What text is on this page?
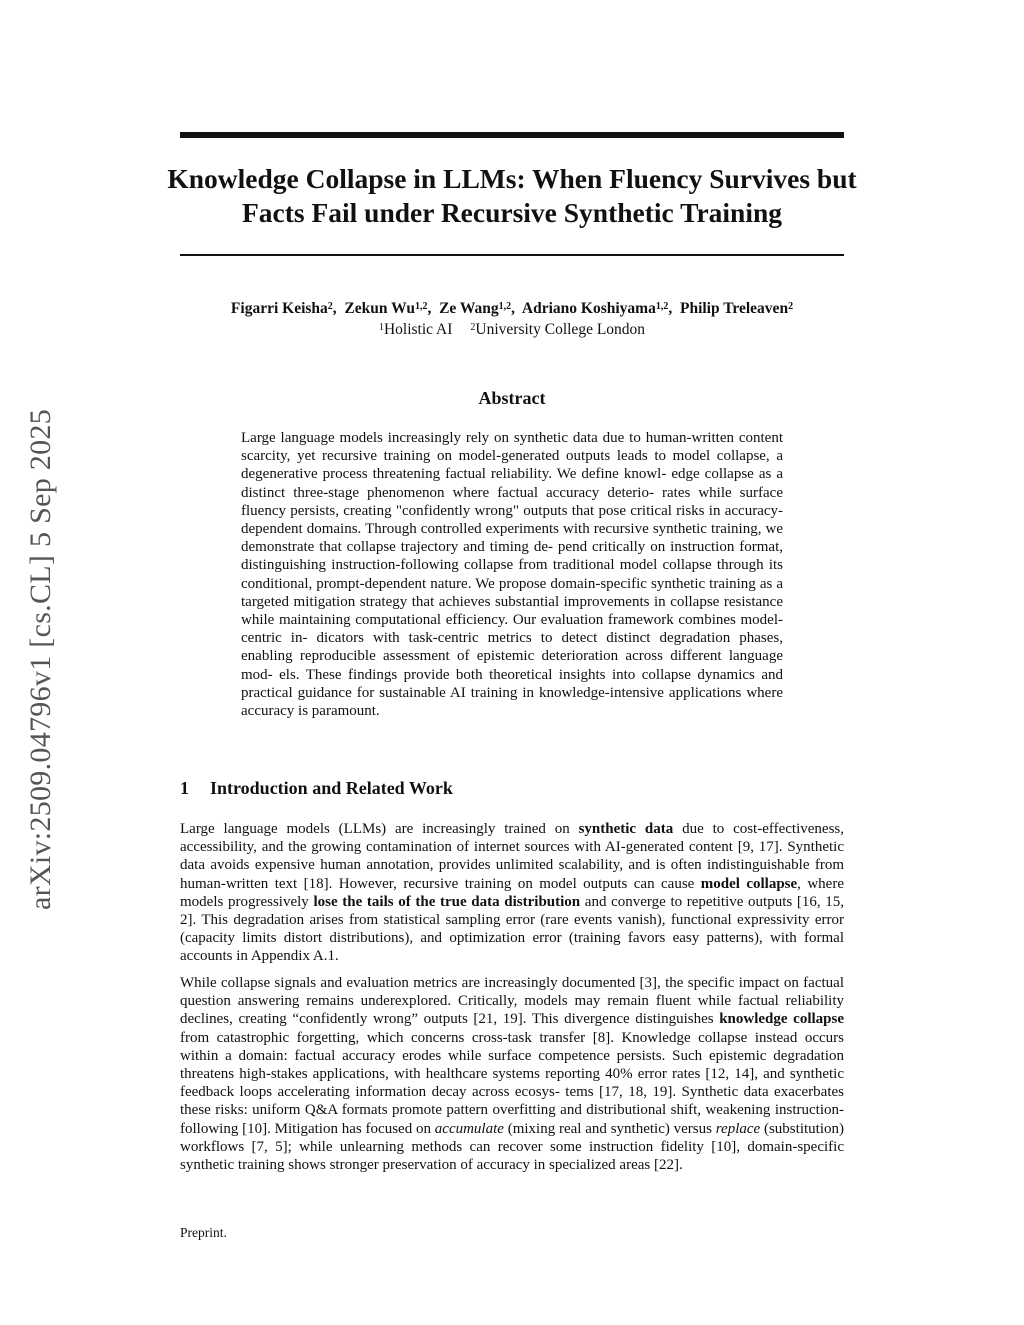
arXiv:2509.04796v1 [cs.CL] 5 Sep 2025
Knowledge Collapse in LLMs: When Fluency Survives but Facts Fail under Recursive Synthetic Training
Figarri Keisha$^2$,  Zekun Wu$^{1,2}$,  Ze Wang$^{1,2}$,  Adriano Koshiyama$^{1,2}$,  Philip Treleaven$^2$
$^1$Holistic AI $^2$University College London
Abstract

Large language models increasingly rely on synthetic data due to human-written content scarcity, yet recursive training on model-generated outputs leads to model collapse, a degenerative process threatening factual reliability. We define knowl- edge collapse as a distinct three-stage phenomenon where factual accuracy deterio- rates while surface fluency persists, creating "confidently wrong" outputs that pose critical risks in accuracy-dependent domains. Through controlled experiments with recursive synthetic training, we demonstrate that collapse trajectory and timing de- pend critically on instruction format, distinguishing instruction-following collapse from traditional model collapse through its conditional, prompt-dependent nature. We propose domain-specific synthetic training as a targeted mitigation strategy that achieves substantial improvements in collapse resistance while maintaining computational efficiency. Our evaluation framework combines model-centric in- dicators with task-centric metrics to detect distinct degradation phases, enabling reproducible assessment of epistemic deterioration across different language mod- els. These findings provide both theoretical insights into collapse dynamics and practical guidance for sustainable AI training in knowledge-intensive applications where accuracy is paramount.

1 Introduction and Related Work

Large language models (LLMs) are increasingly trained on synthetic data due to cost-effectiveness, accessibility, and the growing contamination of internet sources with AI-generated content [9, 17]. Synthetic data avoids expensive human annotation, provides unlimited scalability, and is often indistinguishable from human-written text [18]. However, recursive training on model outputs can cause model collapse, where models progressively lose the tails of the true data distribution and converge to repetitive outputs [16, 15, 2]. This degradation arises from statistical sampling error (rare events vanish), functional expressivity error (capacity limits distort distributions), and optimization error (training favors easy patterns), with formal accounts in Appendix A.1.

While collapse signals and evaluation metrics are increasingly documented [3], the specific impact on factual question answering remains underexplored. Critically, models may remain fluent while factual reliability declines, creating “confidently wrong” outputs [21, 19]. This divergence distinguishes knowledge collapse from catastrophic forgetting, which concerns cross-task transfer [8]. Knowledge collapse instead occurs within a domain: factual accuracy erodes while surface competence persists. Such epistemic degradation threatens high-stakes applications, with healthcare systems reporting 40% error rates [12, 14], and synthetic feedback loops accelerating information decay across ecosys- tems [17, 18, 19]. Synthetic data exacerbates these risks: uniform Q&A formats promote pattern overfitting and distributional shift, weakening instruction-following [10]. Mitigation has focused on accumulate (mixing real and synthetic) versus replace (substitution) workflows [7, 5]; while unlearning methods can recover some instruction fidelity [10], domain-specific synthetic training shows stronger preservation of accuracy in specialized areas [22].

Preprint.
